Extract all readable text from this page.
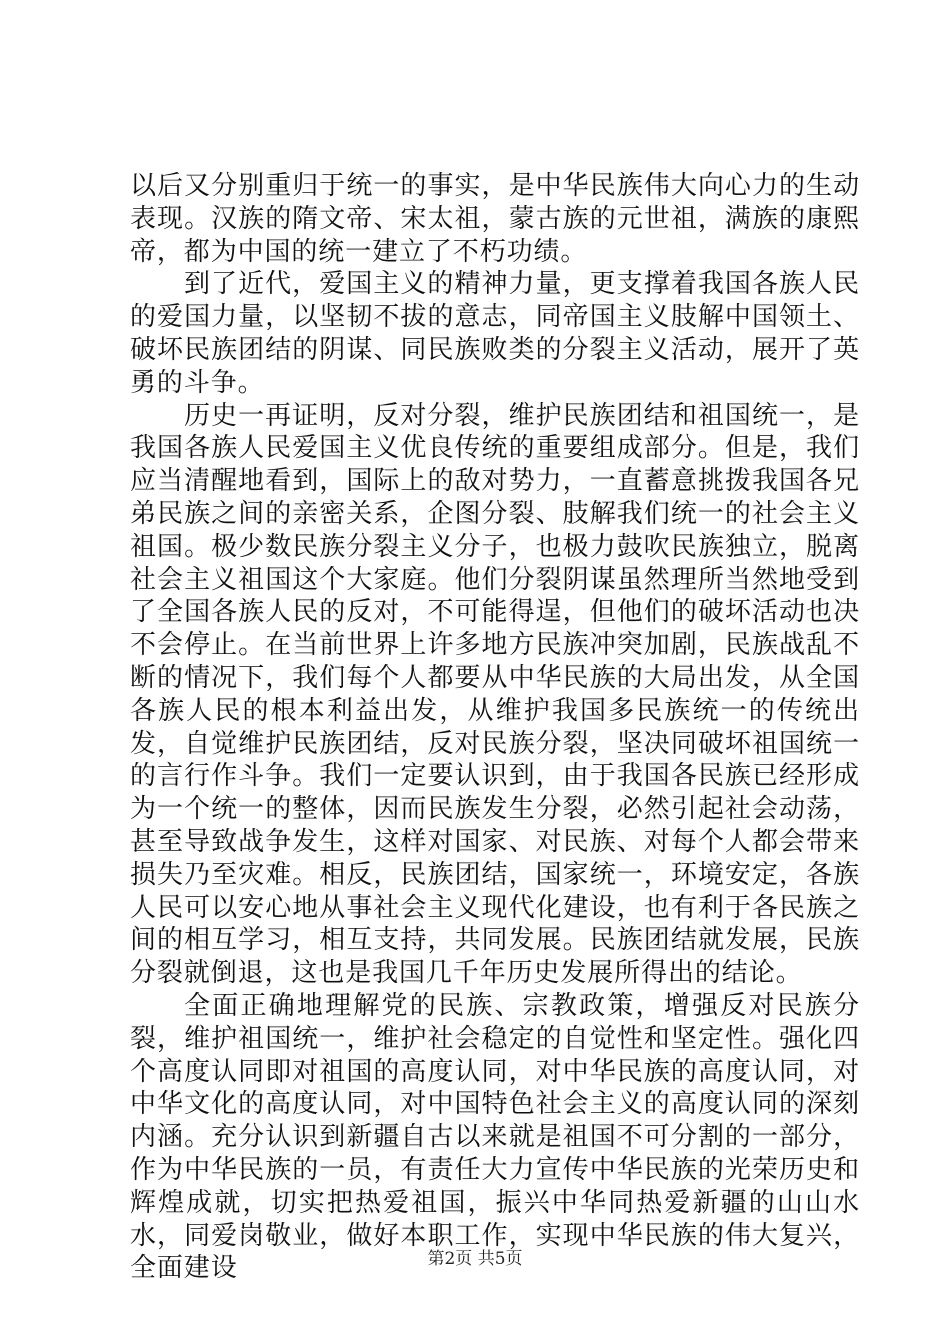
以后又分别重归于统一的事实，是中华民族伟大向心力的生动表现。汉族的隋文帝、宋太祖，蒙古族的元世祖，满族的康熙帝，都为中国的统一建立了不朽功绩。

到了近代，爱国主义的精神力量，更支撑着我国各族人民的爱国力量，以坚韧不拔的意志，同帝国主义肢解中国领土、破坏民族团结的阴谋、同民族败类的分裂主义活动，展开了英勇的斗争。

历史一再证明，反对分裂，维护民族团结和祖国统一，是我国各族人民爱国主义优良传统的重要组成部分。但是，我们应当清醒地看到，国际上的敌对势力，一直蓄意挑拨我国各兄弟民族之间的亲密关系，企图分裂、肢解我们统一的社会主义祖国。极少数民族分裂主义分子，也极力鼓吹民族独立，脱离社会主义祖国这个大家庭。他们分裂阴谋虽然理所当然地受到了全国各族人民的反对，不可能得逞，但他们的破坏活动也决不会停止。在当前世界上许多地方民族冲突加剧，民族战乱不断的情况下，我们每个人都要从中华民族的大局出发，从全国各族人民的根本利益出发，从维护我国多民族统一的传统出发，自觉维护民族团结，反对民族分裂，坚决同破坏祖国统一的言行作斗争。我们一定要认识到，由于我国各民族已经形成为一个统一的整体，因而民族发生分裂，必然引起社会动荡，甚至导致战争发生，这样对国家、对民族、对每个人都会带来损失乃至灾难。相反，民族团结，国家统一，环境安定，各族人民可以安心地从事社会主义现代化建设，也有利于各民族之间的相互学习，相互支持，共同发展。民族团结就发展，民族分裂就倒退，这也是我国几千年历史发展所得出的结论。

全面正确地理解党的民族、宗教政策，增强反对民族分裂，维护祖国统一，维护社会稳定的自觉性和坚定性。强化四个高度认同即对祖国的高度认同，对中华民族的高度认同，对中华文化的高度认同，对中国特色社会主义的高度认同的深刻内涵。充分认识到新疆自古以来就是祖国不可分割的一部分，作为中华民族的一员，有责任大力宣传中华民族的光荣历史和辉煌成就，切实把热爱祖国，振兴中华同热爱新疆的山山水水，同爱岗敬业，做好本职工作，实现中华民族的伟大复兴，全面建设	第2页 共5页
